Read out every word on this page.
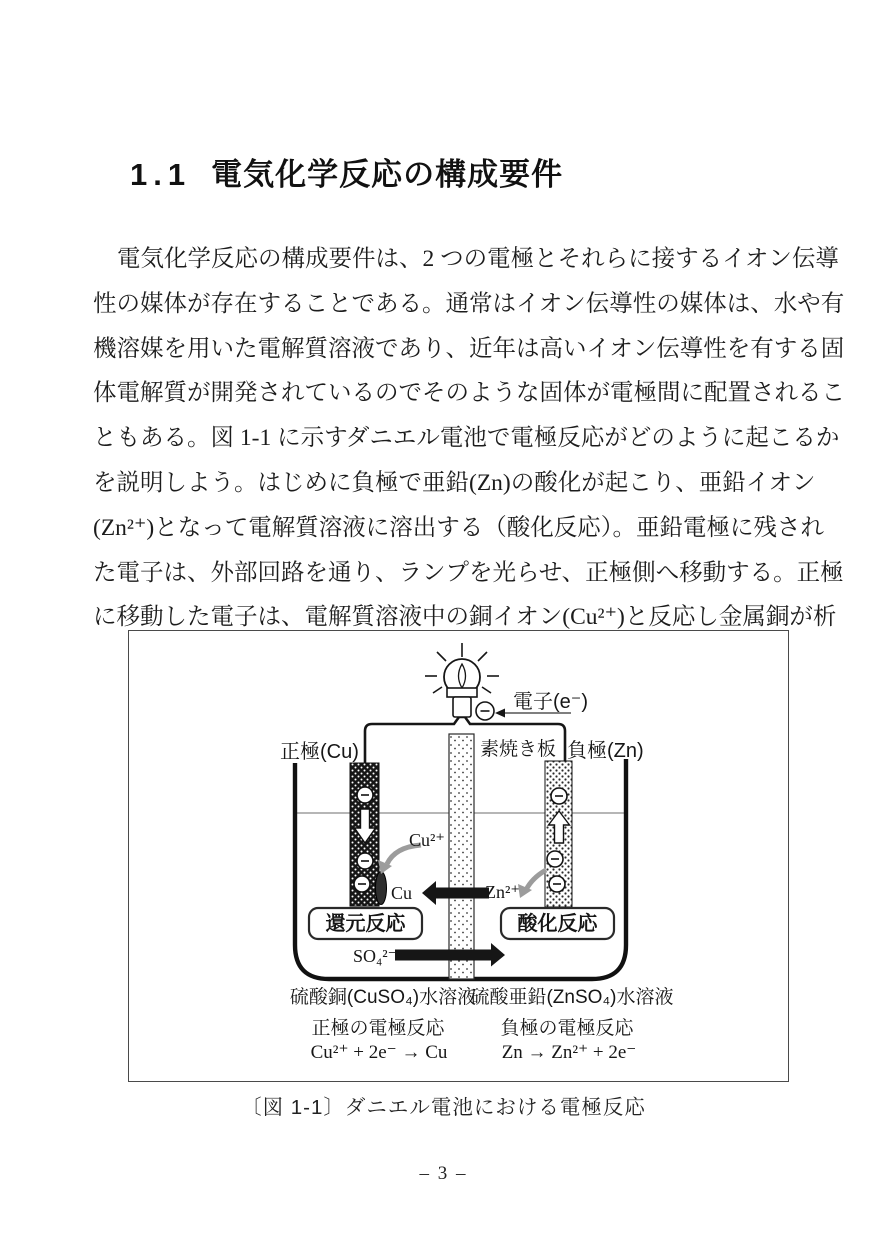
1.1 電気化学反応の構成要件
電気化学反応の構成要件は、2 つの電極とそれらに接するイオン伝導
性の媒体が存在することである。通常はイオン伝導性の媒体は、水や有
機溶媒を用いた電解質溶液であり、近年は高いイオン伝導性を有する固
体電解質が開発されているのでそのような固体が電極間に配置されるこ
ともある。図 1-1 に示すダニエル電池で電極反応がどのように起こるか
を説明しよう。はじめに負極で亜鉛(Zn)の酸化が起こり、亜鉛イオン
(Zn²⁺)となって電解質溶液に溶出する（酸化反応）。亜鉛電極に残され
た電子は、外部回路を通り、ランプを光らせ、正極側へ移動する。正極
に移動した電子は、電解質溶液中の銅イオン(Cu²⁺)と反応し金属銅が析
電子(e⁻)
還元反応	酸化反応
正極(Cu)	素焼き板 負極(Zn)
Cu²⁺
Cu	Zn²⁺
SO₄²⁻
硫酸銅(CuSO₄)水溶液
硫酸亜鉛(ZnSO₄)水溶液
正極の電極反応
Cu²⁺ + 2e⁻ → Cu
負極の電極反応
Zn → Zn²⁺ + 2e⁻
〔図 1-1〕ダニエル電池における電極反応
– 3 –
